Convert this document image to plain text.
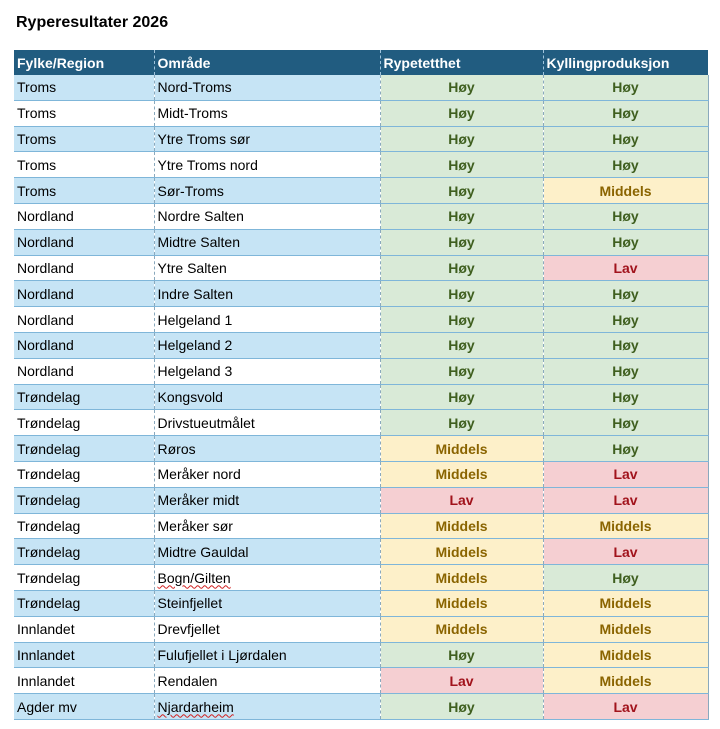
Ryperesultater 2026
Fylke/Region	Område	Rypetetthet	Kyllingproduksjon
Troms	Nord-Troms	Høy	Høy
Troms	Midt-Troms	Høy	Høy
Troms	Ytre Troms sør	Høy	Høy
Troms	Ytre Troms nord	Høy	Høy
Troms	Sør-Troms	Høy	Middels
Nordland	Nordre Salten	Høy	Høy
Nordland	Midtre Salten	Høy	Høy
Nordland	Ytre Salten	Høy	Lav
Nordland	Indre Salten	Høy	Høy
Nordland	Helgeland 1	Høy	Høy
Nordland	Helgeland 2	Høy	Høy
Nordland	Helgeland 3	Høy	Høy
Trøndelag	Kongsvold	Høy	Høy
Trøndelag	Drivstueutmålet	Høy	Høy
Trøndelag	Røros	Middels	Høy
Trøndelag	Meråker nord	Middels	Lav
Trøndelag	Meråker midt	Lav	Lav
Trøndelag	Meråker sør	Middels	Middels
Trøndelag	Midtre Gauldal	Middels	Lav
Trøndelag	Bogn/Gilten	Middels	Høy
Trøndelag	Steinfjellet	Middels	Middels
Innlandet	Drevfjellet	Middels	Middels
Innlandet	Fulufjellet i Ljørdalen	Høy	Middels
Innlandet	Rendalen	Lav	Middels
Agder mv	Njardarheim	Høy	Lav
